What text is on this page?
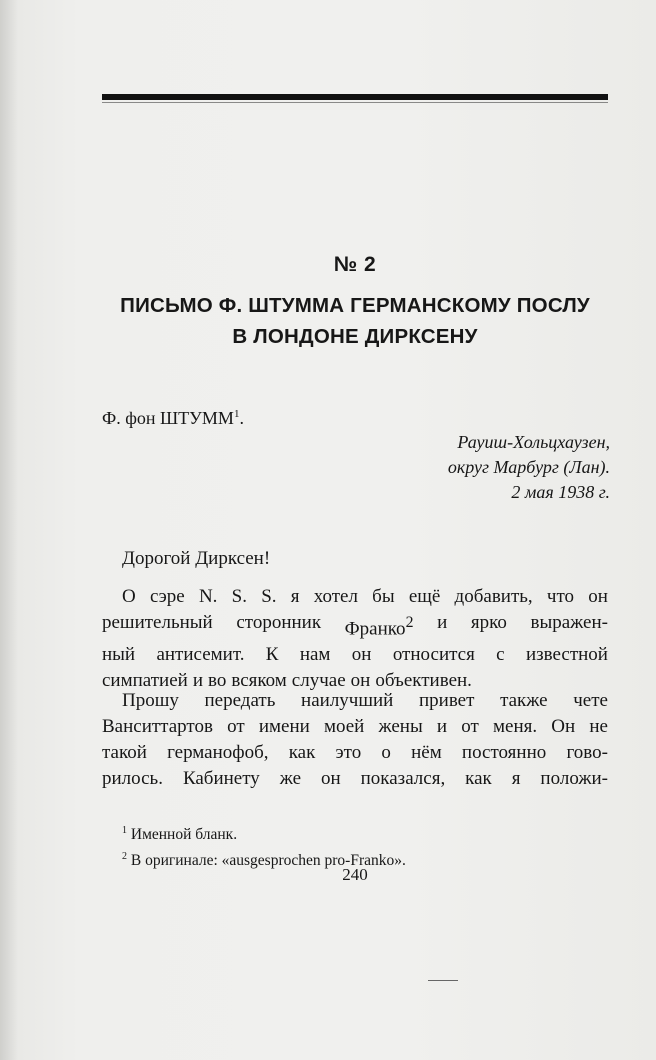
№ 2
ПИСЬМО Ф. ШТУММА ГЕРМАНСКОМУ ПОСЛУ
В ЛОНДОНЕ ДИРКСЕНУ
Ф. фон ШТУММ$^1$.
Рауиш-Хольцхаузен,
округ Марбург (Лан).
2 мая 1938 г.
Дорогой Дирксен!
О сэре N. S. S. я хотел бы ещё добавить, что он
решительный сторонник Франко$^2$ и ярко выражен-
ный антисемит. К нам он относится с известной
симпатией и во всяком случае он объективен.
Прошу передать наилучший привет также чете
Ванситтартов от имени моей жены и от меня. Он не
такой германофоб, как это о нём постоянно гово-
рилось. Кабинету же он показался, как я положи-
$^1$ Именной бланк.
$^2$ В оригинале: «ausgesprochen pro-Franko».
240
